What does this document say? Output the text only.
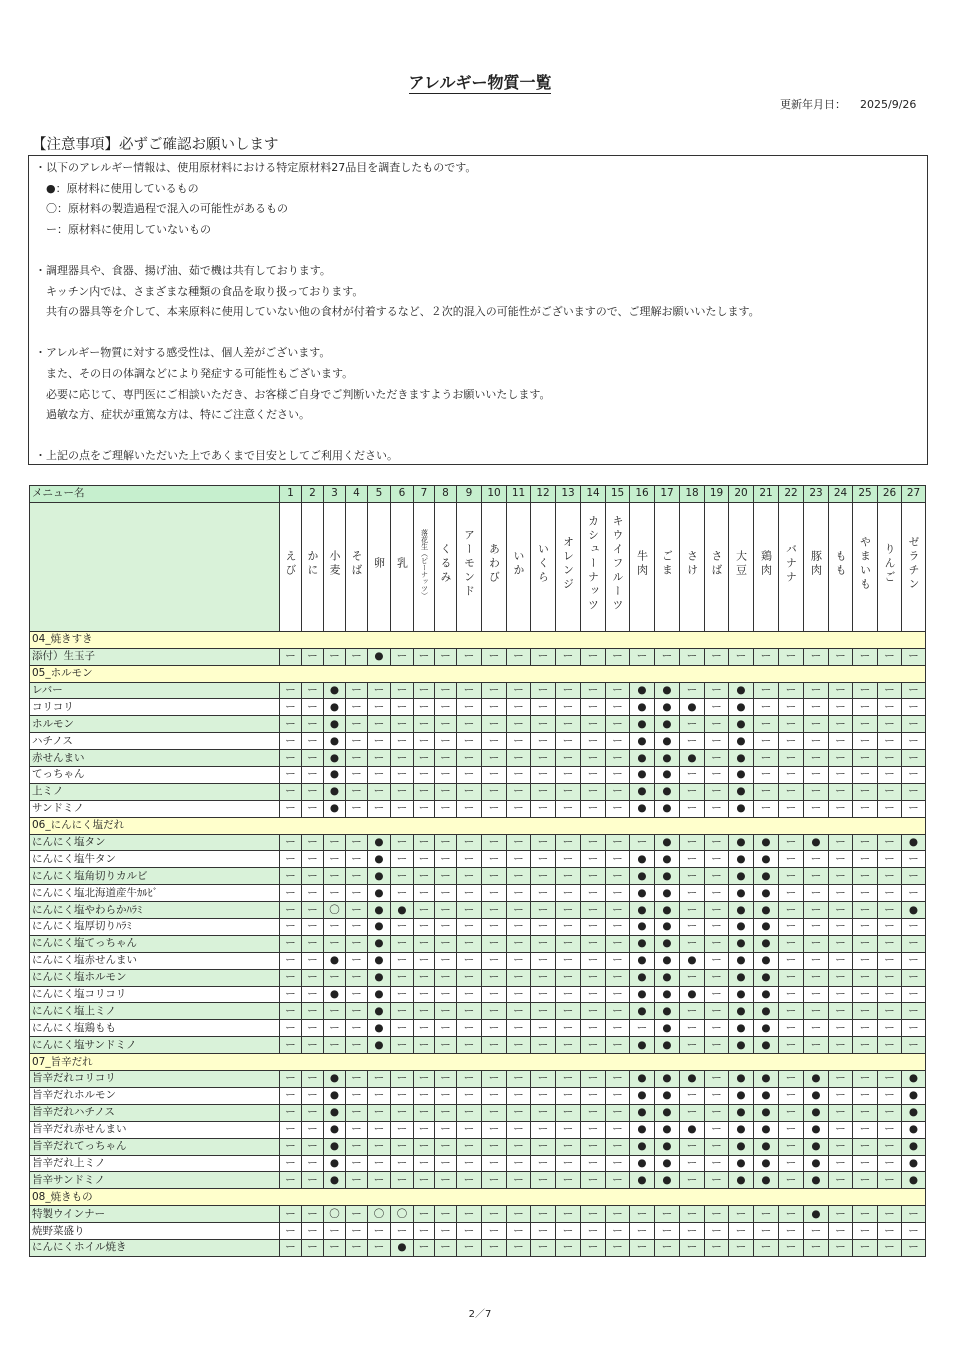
アレルギー物質一覧
更新年月日： 2025/9/26
【注意事項】必ずご確認お願いします
・以下のアレルギー情報は、使用原材料における特定原材料27品目を調査したものです。
　●：原材料に使用しているもの
　〇：原材料の製造過程で混入の可能性があるもの
　ー：原材料に使用していないもの

・調理器具や、食器、揚げ油、茹で機は共有しております。
　キッチン内では、さまざまな種類の食品を取り扱っております。
　共有の器具等を介して、本来原料に使用していない他の食材が付着するなど、２次的混入の可能性がございますので、ご理解お願いいたします。

・アレルギー物質に対する感受性は、個人差がございます。
　また、その日の体調などにより発症する可能性もございます。
　必要に応じて、専門医にご相談いただき、お客様ご自身でご判断いただきますようお願いいたします。
　過敏な方、症状が重篤な方は、特にご注意ください。

・上記の点をご理解いただいた上であくまで目安としてご利用ください。
メニュー名	1	2	3	4	5	6	7	8	9	10	11	12	13	14	15	16	17	18	19	20	21	22	23	24	25	26	27
	えび	かに	小麦	そば	卵	乳	落花生（ピーナッツ）	くるみ	アーモンド	あわび	いか	いくら	オレンジ	カシューナッツ	キウイフルーツ	牛肉	ごま	さけ	さば	大豆	鶏肉	バナナ	豚肉	もも	やまいも	りんご	ゼラチン
04_焼きすき																											
添付）生玉子	ー	ー	ー	ー	●	ー	ー	ー	ー	ー	ー	ー	ー	ー	ー	ー	ー	ー	ー	ー	ー	ー	ー	ー	ー	ー	ー
05_ホルモン																											
レバー	ー	ー	●	ー	ー	ー	ー	ー	ー	ー	ー	ー	ー	ー	ー	●	●	ー	ー	●	ー	ー	ー	ー	ー	ー	ー
コリコリ	ー	ー	●	ー	ー	ー	ー	ー	ー	ー	ー	ー	ー	ー	ー	●	●	●	ー	●	ー	ー	ー	ー	ー	ー	ー
ホルモン	ー	ー	●	ー	ー	ー	ー	ー	ー	ー	ー	ー	ー	ー	ー	●	●	ー	ー	●	ー	ー	ー	ー	ー	ー	ー
ハチノス	ー	ー	●	ー	ー	ー	ー	ー	ー	ー	ー	ー	ー	ー	ー	●	●	ー	ー	●	ー	ー	ー	ー	ー	ー	ー
赤せんまい	ー	ー	●	ー	ー	ー	ー	ー	ー	ー	ー	ー	ー	ー	ー	●	●	●	ー	●	ー	ー	ー	ー	ー	ー	ー
てっちゃん	ー	ー	●	ー	ー	ー	ー	ー	ー	ー	ー	ー	ー	ー	ー	●	●	ー	ー	●	ー	ー	ー	ー	ー	ー	ー
上ミノ	ー	ー	●	ー	ー	ー	ー	ー	ー	ー	ー	ー	ー	ー	ー	●	●	ー	ー	●	ー	ー	ー	ー	ー	ー	ー
サンドミノ	ー	ー	●	ー	ー	ー	ー	ー	ー	ー	ー	ー	ー	ー	ー	●	●	ー	ー	●	ー	ー	ー	ー	ー	ー	ー
06_にんにく塩だれ																											
にんにく塩タン	ー	ー	ー	ー	●	ー	ー	ー	ー	ー	ー	ー	ー	ー	ー	ー	●	ー	ー	●	●	ー	●	ー	ー	ー	●
にんにく塩牛タン	ー	ー	ー	ー	●	ー	ー	ー	ー	ー	ー	ー	ー	ー	ー	●	●	ー	ー	●	●	ー	ー	ー	ー	ー	ー
にんにく塩角切りカルビ	ー	ー	ー	ー	●	ー	ー	ー	ー	ー	ー	ー	ー	ー	ー	●	●	ー	ー	●	●	ー	ー	ー	ー	ー	ー
にんにく塩北海道産牛ｶﾙﾋﾞ	ー	ー	ー	ー	●	ー	ー	ー	ー	ー	ー	ー	ー	ー	ー	●	●	ー	ー	●	●	ー	ー	ー	ー	ー	ー
にんにく塩やわらかﾊﾗﾐ	ー	ー	〇	ー	●	●	ー	ー	ー	ー	ー	ー	ー	ー	ー	●	●	ー	ー	●	●	ー	ー	ー	ー	ー	●
にんにく塩厚切りﾊﾗﾐ	ー	ー	ー	ー	●	ー	ー	ー	ー	ー	ー	ー	ー	ー	ー	●	●	ー	ー	●	●	ー	ー	ー	ー	ー	ー
にんにく塩てっちゃん	ー	ー	ー	ー	●	ー	ー	ー	ー	ー	ー	ー	ー	ー	ー	●	●	ー	ー	●	●	ー	ー	ー	ー	ー	ー
にんにく塩赤せんまい	ー	ー	●	ー	●	ー	ー	ー	ー	ー	ー	ー	ー	ー	ー	●	●	●	ー	●	●	ー	ー	ー	ー	ー	ー
にんにく塩ホルモン	ー	ー	ー	ー	●	ー	ー	ー	ー	ー	ー	ー	ー	ー	ー	●	●	ー	ー	●	●	ー	ー	ー	ー	ー	ー
にんにく塩コリコリ	ー	ー	●	ー	●	ー	ー	ー	ー	ー	ー	ー	ー	ー	ー	●	●	●	ー	●	●	ー	ー	ー	ー	ー	ー
にんにく塩上ミノ	ー	ー	ー	ー	●	ー	ー	ー	ー	ー	ー	ー	ー	ー	ー	●	●	ー	ー	●	●	ー	ー	ー	ー	ー	ー
にんにく塩鶏もも	ー	ー	ー	ー	●	ー	ー	ー	ー	ー	ー	ー	ー	ー	ー	ー	●	ー	ー	●	●	ー	ー	ー	ー	ー	ー
にんにく塩サンドミノ	ー	ー	ー	ー	●	ー	ー	ー	ー	ー	ー	ー	ー	ー	ー	●	●	ー	ー	●	●	ー	ー	ー	ー	ー	ー
07_旨辛だれ																											
旨辛だれコリコリ	ー	ー	●	ー	ー	ー	ー	ー	ー	ー	ー	ー	ー	ー	ー	●	●	●	ー	●	●	ー	●	ー	ー	ー	●
旨辛だれホルモン	ー	ー	●	ー	ー	ー	ー	ー	ー	ー	ー	ー	ー	ー	ー	●	●	ー	ー	●	●	ー	●	ー	ー	ー	●
旨辛だれハチノス	ー	ー	●	ー	ー	ー	ー	ー	ー	ー	ー	ー	ー	ー	ー	●	●	ー	ー	●	●	ー	●	ー	ー	ー	●
旨辛だれ赤せんまい	ー	ー	●	ー	ー	ー	ー	ー	ー	ー	ー	ー	ー	ー	ー	●	●	●	ー	●	●	ー	●	ー	ー	ー	●
旨辛だれてっちゃん	ー	ー	●	ー	ー	ー	ー	ー	ー	ー	ー	ー	ー	ー	ー	●	●	ー	ー	●	●	ー	●	ー	ー	ー	●
旨辛だれ上ミノ	ー	ー	●	ー	ー	ー	ー	ー	ー	ー	ー	ー	ー	ー	ー	●	●	ー	ー	●	●	ー	●	ー	ー	ー	●
旨辛サンドミノ	ー	ー	●	ー	ー	ー	ー	ー	ー	ー	ー	ー	ー	ー	ー	●	●	ー	ー	●	●	ー	●	ー	ー	ー	●
08_焼きもの																											
特製ウインナー	ー	ー	〇	ー	〇	〇	ー	ー	ー	ー	ー	ー	ー	ー	ー	ー	ー	ー	ー	ー	ー	ー	●	ー	ー	ー	ー
焼野菜盛り	ー	ー	ー	ー	ー	ー	ー	ー	ー	ー	ー	ー	ー	ー	ー	ー	ー	ー	ー	ー	ー	ー	ー	ー	ー	ー	ー
にんにくホイル焼き	ー	ー	ー	ー	ー	●	ー	ー	ー	ー	ー	ー	ー	ー	ー	ー	ー	ー	ー	ー	ー	ー	ー	ー	ー	ー	ー
2／7
